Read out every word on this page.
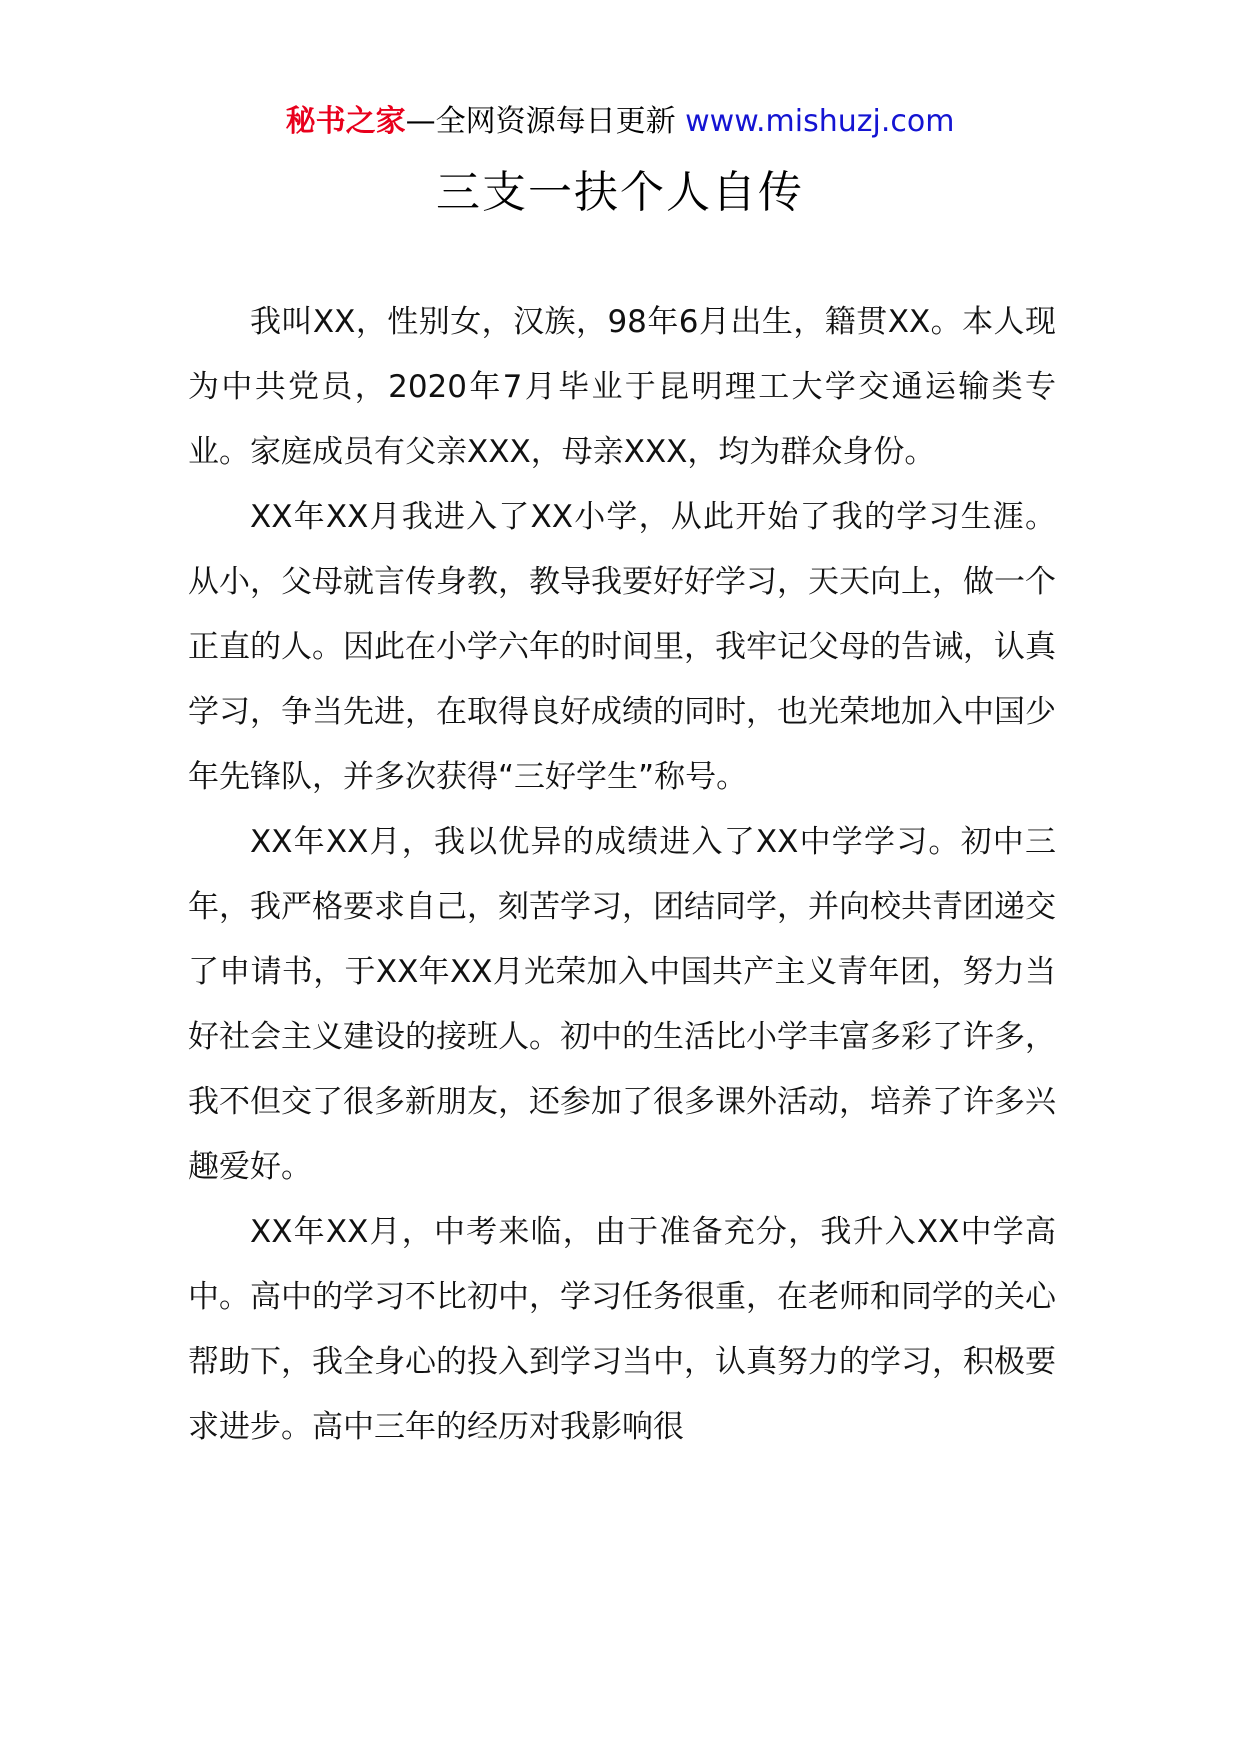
秘书之家—全网资源每日更新 www.mishuzj.com
三支一扶个人自传

我叫XX，性别女，汉族，98年6月出生，籍贯XX。本人现为中共党员，2020年7月毕业于昆明理工大学交通运输类专业。家庭成员有父亲XXX，母亲XXX，均为群众身份。

XX年XX月我进入了XX小学，从此开始了我的学习生涯。从小，父母就言传身教，教导我要好好学习，天天向上，做一个正直的人。因此在小学六年的时间里，我牢记父母的告诫，认真学习，争当先进，在取得良好成绩的同时，也光荣地加入中国少年先锋队，并多次获得“三好学生”称号。

XX年XX月，我以优异的成绩进入了XX中学学习。初中三年，我严格要求自己，刻苦学习，团结同学，并向校共青团递交了申请书，于XX年XX月光荣加入中国共产主义青年团，努力当好社会主义建设的接班人。初中的生活比小学丰富多彩了许多，我不但交了很多新朋友，还参加了很多课外活动，培养了许多兴趣爱好。

XX年XX月，中考来临，由于准备充分，我升入XX中学高中。高中的学习不比初中，学习任务很重，在老师和同学的关心帮助下，我全身心的投入到学习当中，认真努力的学习，积极要求进步。高中三年的经历对我影响很
